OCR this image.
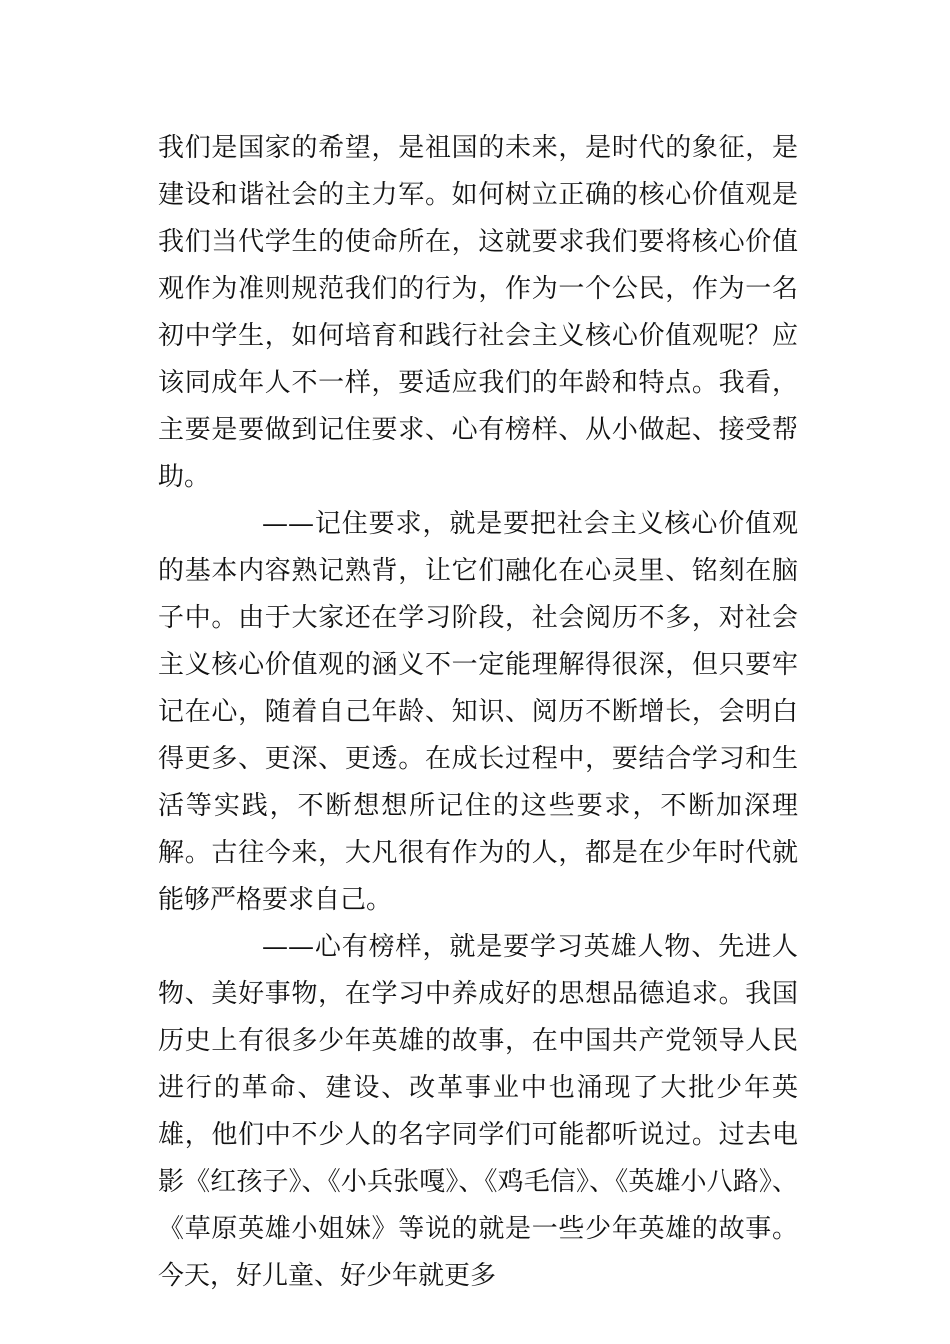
我们是国家的希望，是祖国的未来，是时代的象征，是建设和谐社会的主力军。如何树立正确的核心价值观是我们当代学生的使命所在，这就要求我们要将核心价值观作为准则规范我们的行为，作为一个公民，作为一名初中学生，如何培育和践行社会主义核心价值观呢？应该同成年人不一样，要适应我们的年龄和特点。我看，主要是要做到记住要求、心有榜样、从小做起、接受帮助。

——记住要求，就是要把社会主义核心价值观的基本内容熟记熟背，让它们融化在心灵里、铭刻在脑子中。由于大家还在学习阶段，社会阅历不多，对社会主义核心价值观的涵义不一定能理解得很深，但只要牢记在心，随着自己年龄、知识、阅历不断增长，会明白得更多、更深、更透。在成长过程中，要结合学习和生活等实践，不断想想所记住的这些要求，不断加深理解。古往今来，大凡很有作为的人，都是在少年时代就能够严格要求自己。

——心有榜样，就是要学习英雄人物、先进人物、美好事物，在学习中养成好的思想品德追求。我国历史上有很多少年英雄的故事，在中国共产党领导人民进行的革命、建设、改革事业中也涌现了大批少年英雄，他们中不少人的名字同学们可能都听说过。过去电影《红孩子》、《小兵张嘎》、《鸡毛信》、《英雄小八路》、《草原英雄小姐妹》等说的就是一些少年英雄的故事。今天，好儿童、好少年就更多
